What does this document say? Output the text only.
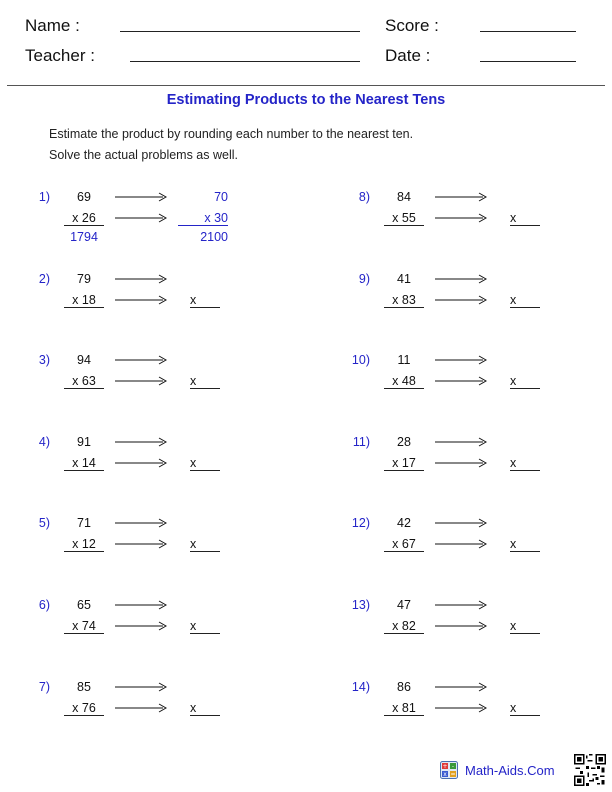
Name :	Score :
Teacher :	Date :
Estimating Products to the Nearest Tens
Estimate the product by rounding each number to the nearest ten.
Solve the actual problems as well.
1)	69
x 26
1794
70
x 30
2100
2)	79
x 18	x
3)	94
x 63	x
4)	91
x 14	x
5)	71
x 12	x
6)	65
x 74	x
7)	85
x 76	x
8)	84
x 55	x
9)	41
x 83	x
10)	11
x 48	x
11)	28
x 17	x
12)	42
x 67	x
13)	47
x 82	x
14)	86
x 81	x
+ -
x = Math-Aids.Com
